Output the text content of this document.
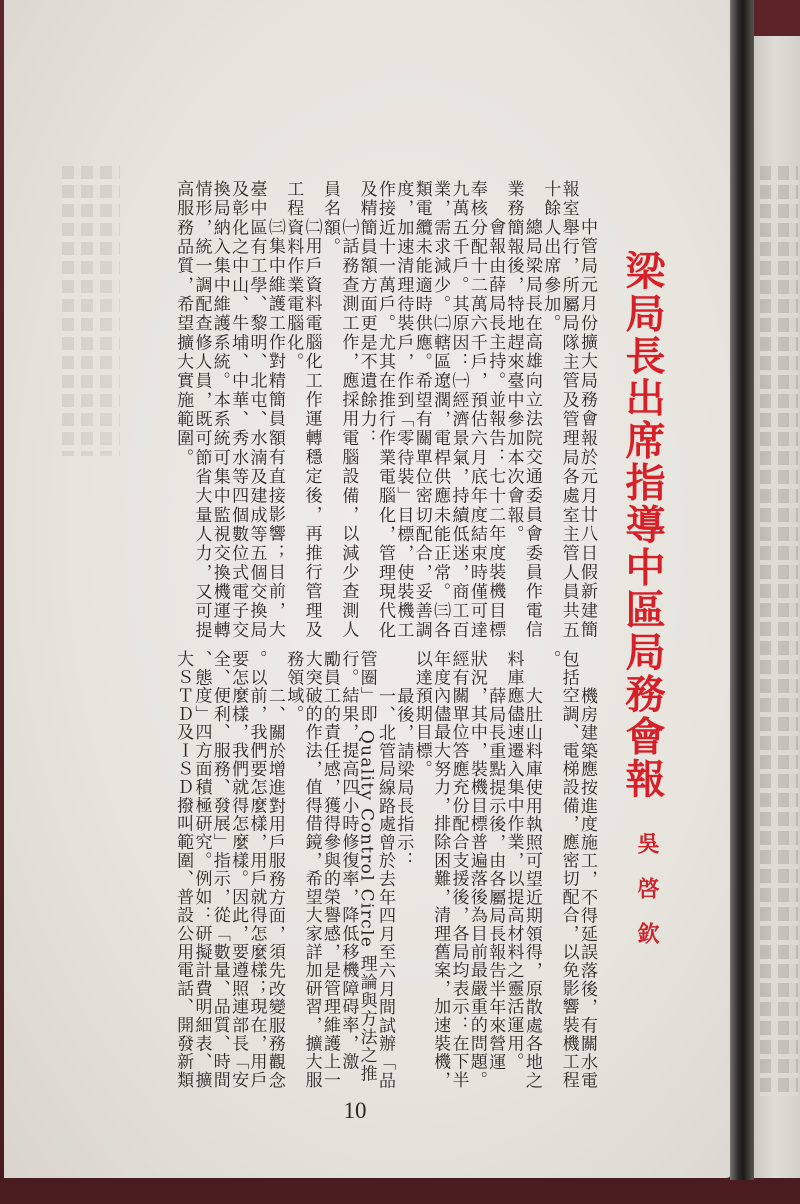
中管局元月份擴大局務會報於元月廿八日假新建簡
報室舉行，所屬局隊主管及管理局各處室主管人員共五
十餘人出席參加。
總局梁局長在高雄向立法院交通委員會委員作電信
業務簡報後，特地趕來臺中參加本次會報。
會報由薛局長主持。並報告：七十二年度裝機目標
奉核分配十二萬六千戶，預估六月底年度結束時僅可達
九萬五千戶。其原因：㈠經濟景氣，持續低迷，商工百
業，需求減少。㈡轄區遼濶，電桿供應未能正常。㈢各
類電纜未能適時供應。希望有關單位密切配合，妥善調
度，加速清理待裝戶，作到「零待裝」目標，使裝機工
作接近十一萬戶。尤其在推行作業電腦化，管理現代化
及精簡員額方面更是不遺餘力：
㈠話務查測工作，應採用電腦設備，以減少查測人
員名額。
㈡用戶資料電腦化工作運轉穩定後，再推行管理及
工程資料作業電腦化。
㈢集中維護工作對精簡員額有直接影響；目前，大
臺中區有工學、黎明、北屯、水湳及建成等五個交換局
及彰化之中山、牛埔、中華、秀水等四個數位式電子交
換局納入集中維護系統。本系統可集中監視交換機運轉
情形，統一調配查修人員，既可節省大量人力，又可提
高服務品質，希望擴大實施範圍。
機房建築應按進度施工，不得延誤落後，有關水電
包括空調、電梯設備，應密切配合，以免影響裝機工程
。
大肚山料庫使用執照可望近期領得，原散處各地之
料庫應儘速遷入集中作業，以提高材料之靈活運用。
薛局長重點提示後，由各屬局長報告半年來營運
狀況，其中，裝機目標普遍落後為目前最嚴重的問題。
經有關單位答應充份配合支援後，各局均表示：在下半
年度內儘最大努力，排除困難，清理舊案，加速裝機，
以達預期目標。
最後，請梁局長指示：
一、北管局線路處曾於去年四月至六月間試辦「品
管圈」即 Quality Control Circle 理論與方法之推
行。結果，提高四小時修復率，降低移機障碍率，激
勵員工的責任感，獲得參與的榮譽感，是管理維護上一
大突破的作法，值得借鏡，希望大家詳加研習，擴大服
務領域。
二、關於增進對用戶服務方面，須先改變服務觀念
。以前，我們要怎麼樣，用戶就得怎麼樣；現在，用戶
要怎麼樣，我們就得怎麼樣。因此，要遵照連部長「安
全、便利、服務、發展」指示，從「數量、品質、時間
、態度」四方面積極研究。例如：研擬計費明細表、擴
大ＳＴＤ及ＩＳＤ撥叫範圍、普設公用電話、開發新類
梁局長出席指導中區局務會報
吳啓欽
10
